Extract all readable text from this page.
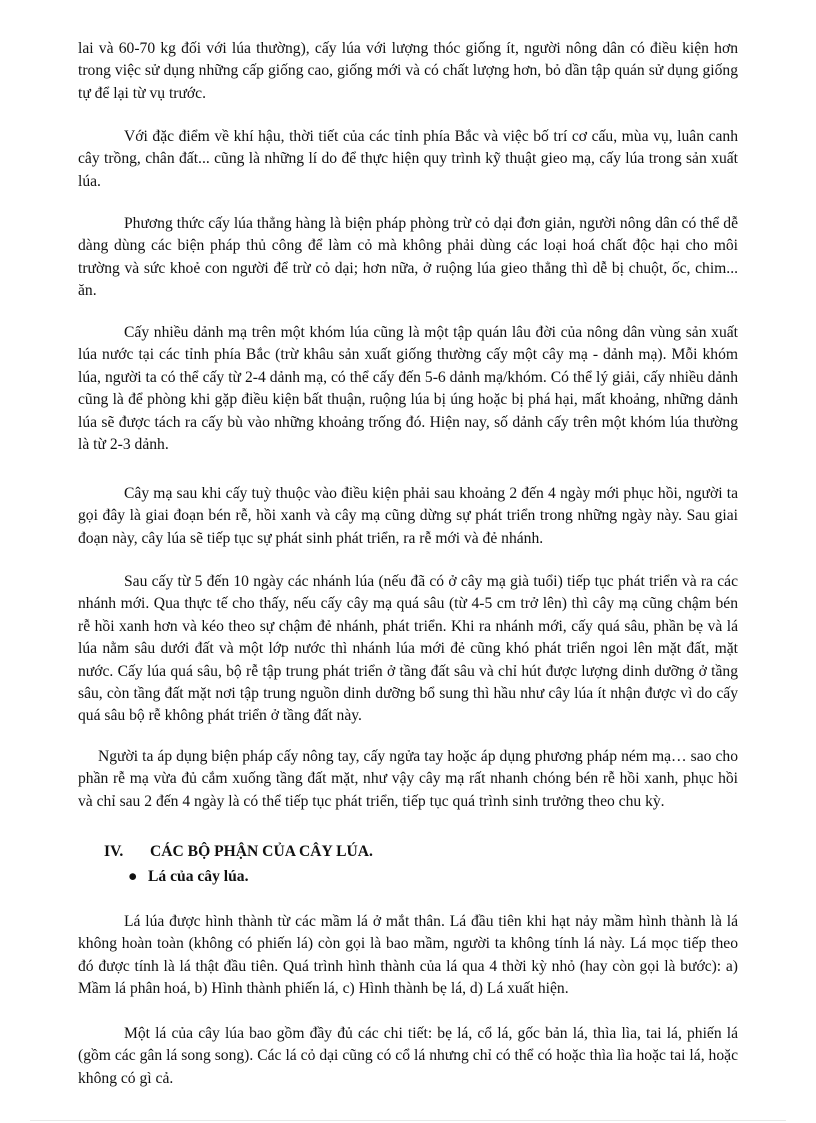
lai và 60-70 kg đối với lúa thường), cấy lúa với lượng thóc giống ít, người nông dân có điều kiện hơn trong việc sử dụng những cấp giống cao, giống mới và có chất lượng hơn, bỏ dần tập quán sử dụng giống tự để lại từ vụ trước.

Với đặc điểm về khí hậu, thời tiết của các tỉnh phía Bắc và việc bố trí cơ cấu, mùa vụ, luân canh cây trồng, chân đất... cũng là những lí do để thực hiện quy trình kỹ thuật gieo mạ, cấy lúa trong sản xuất lúa.

Phương thức cấy lúa thẳng hàng là biện pháp phòng trừ cỏ dại đơn giản, người nông dân có thể dễ dàng dùng các biện pháp thủ công để làm cỏ mà không phải dùng các loại hoá chất độc hại cho môi trường và sức khoẻ con người để trừ cỏ dại; hơn nữa, ở ruộng lúa gieo thẳng thì dễ bị chuột, ốc, chim... ăn.

Cấy nhiều dảnh mạ trên một khóm lúa cũng là một tập quán lâu đời của nông dân vùng sản xuất lúa nước tại các tỉnh phía Bắc (trừ khâu sản xuất giống thường cấy một cây mạ - dảnh mạ). Mỗi khóm lúa, người ta có thể cấy từ 2-4 dảnh mạ, có thể cấy đến 5-6 dảnh mạ/khóm. Có thể lý giải, cấy nhiều dảnh cũng là để phòng khi gặp điều kiện bất thuận, ruộng lúa bị úng hoặc bị phá hại, mất khoảng, những dảnh lúa sẽ được tách ra cấy bù vào những khoảng trống đó. Hiện nay, số dảnh cấy trên một khóm lúa thường là từ 2-3 dảnh.

Cây mạ sau khi cấy tuỳ thuộc vào điều kiện phải sau khoảng 2 đến 4 ngày mới phục hồi, người ta gọi đây là giai đoạn bén rễ, hồi xanh và cây mạ cũng dừng sự phát triển trong những ngày này. Sau giai đoạn này, cây lúa sẽ tiếp tục sự phát sinh phát triển, ra rễ mới và đẻ nhánh.

Sau cấy từ 5 đến 10 ngày các nhánh lúa (nếu đã có ở cây mạ già tuổi) tiếp tục phát triển và ra các nhánh mới. Qua thực tế cho thấy, nếu cấy cây mạ quá sâu (từ 4-5 cm trở lên) thì cây mạ cũng chậm bén rễ hồi xanh hơn và kéo theo sự chậm đẻ nhánh, phát triển. Khi ra nhánh mới, cấy quá sâu, phần bẹ và lá lúa nằm sâu dưới đất và một lớp nước thì nhánh lúa mới đẻ cũng khó phát triển ngoi lên mặt đất, mặt nước. Cấy lúa quá sâu, bộ rễ tập trung phát triển ở tầng đất sâu và chỉ hút được lượng dinh dưỡng ở tầng sâu, còn tầng đất mặt nơi tập trung nguồn dinh dưỡng bổ sung thì hầu như cây lúa ít nhận được vì do cấy quá sâu bộ rễ không phát triển ở tầng đất này.

Người ta áp dụng biện pháp cấy nông tay, cấy ngửa tay hoặc áp dụng phương pháp ném mạ… sao cho phần rễ mạ vừa đủ cắm xuống tầng đất mặt, như vậy cây mạ rất nhanh chóng bén rễ hồi xanh, phục hồi và chỉ sau 2 đến 4 ngày là có thể tiếp tục phát triển, tiếp tục quá trình sinh trưởng theo chu kỳ.

IV. CÁC BỘ PHẬN CỦA CÂY LÚA.
● Lá của cây lúa.

Lá lúa được hình thành từ các mầm lá ở mắt thân. Lá đầu tiên khi hạt nảy mầm hình thành là lá không hoàn toàn (không có phiến lá) còn gọi là bao mầm, người ta không tính lá này. Lá mọc tiếp theo đó được tính là lá thật đầu tiên. Quá trình hình thành của lá qua 4 thời kỳ nhỏ (hay còn gọi là bước): a) Mầm lá phân hoá, b) Hình thành phiến lá, c) Hình thành bẹ lá, d) Lá xuất hiện.

Một lá của cây lúa bao gồm đầy đủ các chi tiết: bẹ lá, cổ lá, gốc bản lá, thìa lìa, tai lá, phiến lá (gồm các gân lá song song). Các lá cỏ dại cũng có cổ lá nhưng chỉ có thể có hoặc thìa lìa hoặc tai lá, hoặc không có gì cả.
